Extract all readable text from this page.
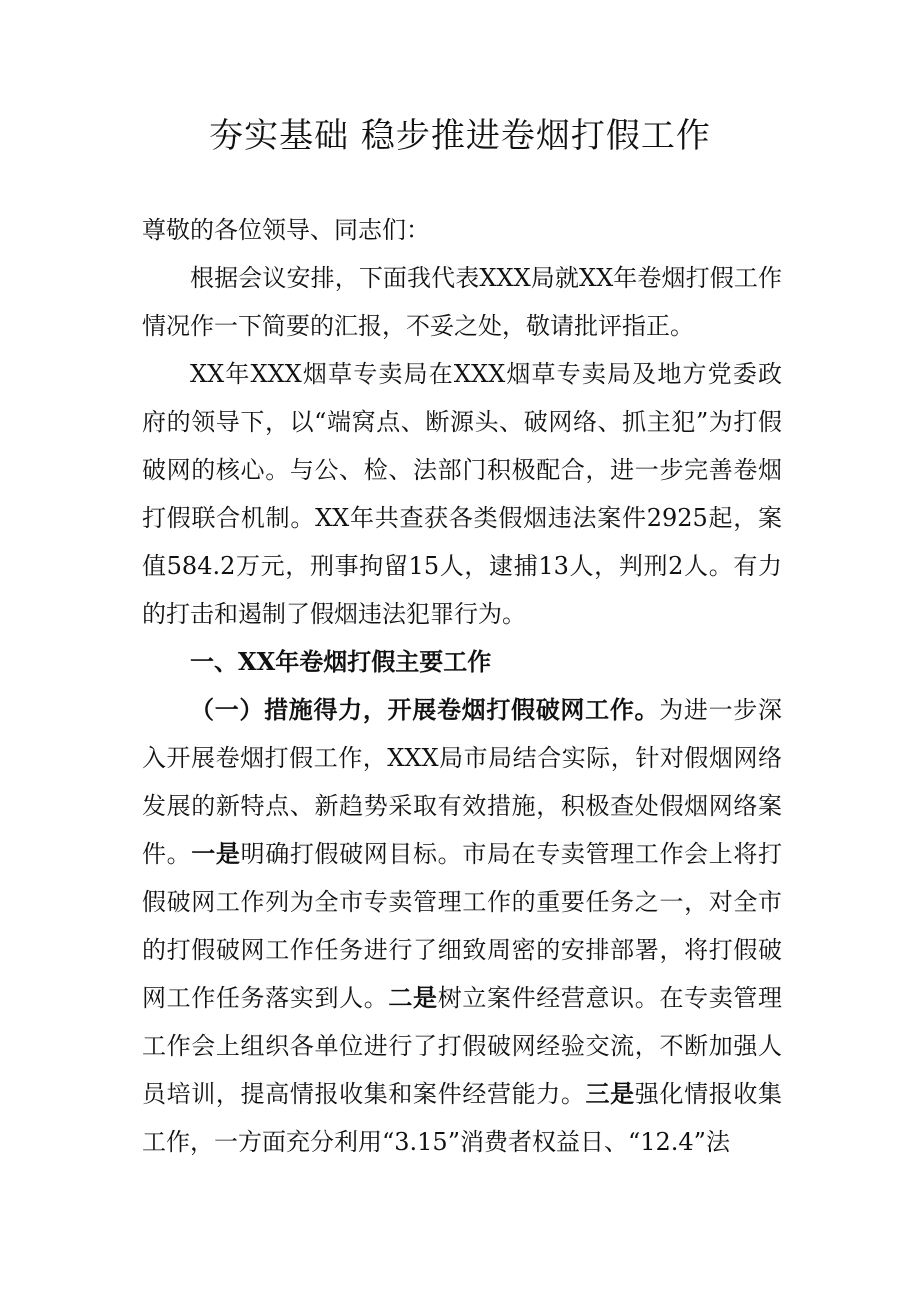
夯实基础 稳步推进卷烟打假工作

尊敬的各位领导、同志们：

根据会议安排，下面我代表XXX局就XX年卷烟打假工作情况作一下简要的汇报，不妥之处，敬请批评指正。

XX年XXX烟草专卖局在XXX烟草专卖局及地方党委政府的领导下，以“端窝点、断源头、破网络、抓主犯”为打假破网的核心。与公、检、法部门积极配合，进一步完善卷烟打假联合机制。XX年共查获各类假烟违法案件2925起，案值584.2万元，刑事拘留15人，逮捕13人，判刑2人。有力的打击和遏制了假烟违法犯罪行为。

一、XX年卷烟打假主要工作

（一）措施得力，开展卷烟打假破网工作。为进一步深入开展卷烟打假工作，XXX局市局结合实际，针对假烟网络发展的新特点、新趋势采取有效措施，积极查处假烟网络案件。一是明确打假破网目标。市局在专卖管理工作会上将打假破网工作列为全市专卖管理工作的重要任务之一，对全市的打假破网工作任务进行了细致周密的安排部署，将打假破网工作任务落实到人。二是树立案件经营意识。在专卖管理工作会上组织各单位进行了打假破网经验交流，不断加强人员培训，提高情报收集和案件经营能力。三是强化情报收集工作，一方面充分利用“3.15”消费者权益日、“12.4”法
